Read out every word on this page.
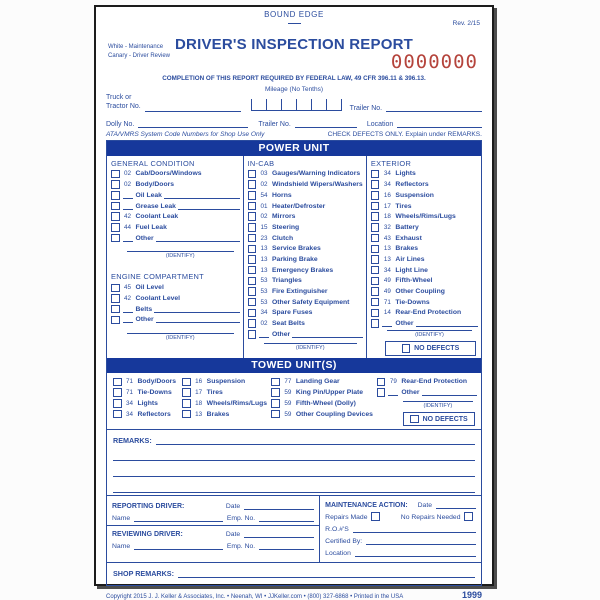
BOUND EDGE
Rev. 2/15
White - Maintenance
Canary - Driver Review
DRIVER'S INSPECTION REPORT
0000000
COMPLETION OF THIS REPORT REQUIRED BY FEDERAL LAW, 49 CFR 396.11 & 396.13.
Mileage (No Tenths)
Truck or
Tractor No.	Trailer No.
Dolly No.	Trailer No.	Location
ATA/VMRS System Code Numbers for Shop Use Only	CHECK DEFECTS ONLY. Explain under REMARKS.
POWER UNIT
GENERAL CONDITION
02 Cab/Doors/Windows
02 Body/Doors
Oil Leak
Grease Leak
42 Coolant Leak
44 Fuel Leak
Other
(IDENTIFY)
ENGINE COMPARTMENT
45 Oil Level
42 Coolant Level
Belts
Other
(IDENTIFY)
IN-CAB
03 Gauges/Warning Indicators
02 Windshield Wipers/Washers
54 Horns
01 Heater/Defroster
02 Mirrors
15 Steering
23 Clutch
13 Service Brakes
13 Parking Brake
13 Emergency Brakes
53 Triangles
53 Fire Extinguisher
53 Other Safety Equipment
34 Spare Fuses
02 Seat Belts
Other
(IDENTIFY)
EXTERIOR
34 Lights
34 Reflectors
16 Suspension
17 Tires
18 Wheels/Rims/Lugs
32 Battery
43 Exhaust
13 Brakes
13 Air Lines
34 Light Line
49 Fifth-Wheel
49 Other Coupling
71 Tie-Downs
14 Rear-End Protection
Other
(IDENTIFY)
NO DEFECTS
TOWED UNIT(S)
71 Body/Doors
71 Tie-Downs
34 Lights
34 Reflectors
16 Suspension
17 Tires
18 Wheels/Rims/Lugs
13 Brakes
77 Landing Gear
59 King Pin/Upper Plate
59 Fifth-Wheel (Dolly)
59 Other Coupling Devices
79 Rear-End Protection
Other
(IDENTIFY)
NO DEFECTS
REMARKS:
REPORTING DRIVER:	Date
Name	Emp. No.
REVIEWING DRIVER:	Date
Name	Emp. No.
MAINTENANCE ACTION: Date
Repairs Made	No Repairs Needed
R.O.#'S
Certified By:
Location
SHOP REMARKS:
Copyright 2015 J. J. Keller & Associates, Inc. • Neenah, WI • JJKeller.com • (800) 327-6868 • Printed in the USA	1999
